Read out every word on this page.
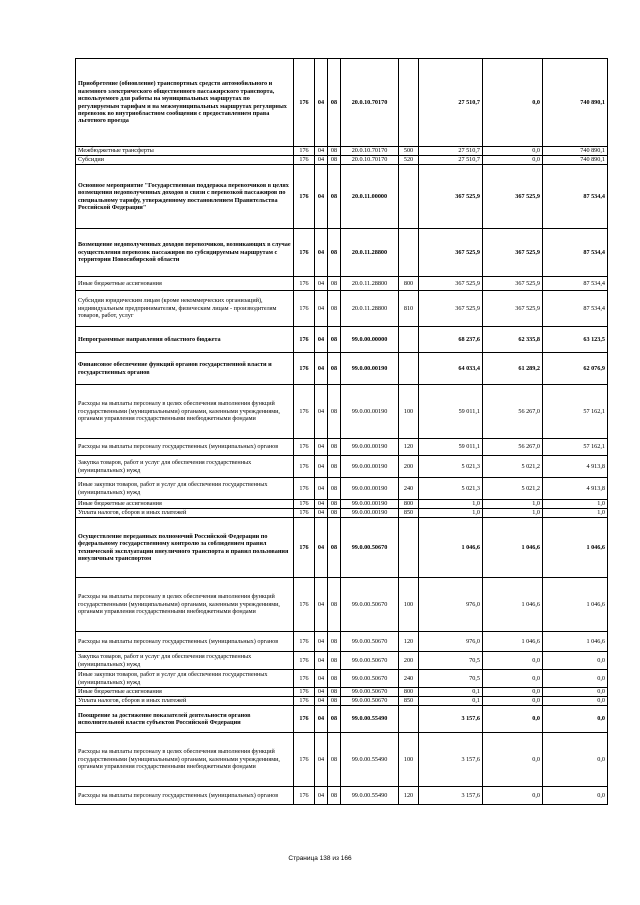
Приобретение (обновление) транспортных средств автомобильного и наземного электрического общественного пассажирского транспорта, используемого для работы на муниципальных маршрутах по регулируемым тарифам и на межмуниципальных маршрутах регулярных перевозок во внутриобластном сообщении с предоставлением права льготного проезда	176	04	08	20.0.10.70170		27 510,7	0,0	740 890,1
Межбюджетные трансферты	176	04	08	20.0.10.70170	500	27 510,7	0,0	740 890,1
Субсидии	176	04	08	20.0.10.70170	520	27 510,7	0,0	740 890,1
Основное мероприятие "Государственная поддержка перевозчиков в целях возмещения недополученных доходов в связи с перевозкой пассажиров по специальному тарифу, утвержденному постановлением Правительства Российской Федерации"	176	04	08	20.0.11.00000		367 525,9	367 525,9	87 534,4
Возмещение недополученных доходов перевозчиков, возникающих в случае осуществления перевозок пассажиров по субсидируемым маршрутам с территории Новосибирской области	176	04	08	20.0.11.28800		367 525,9	367 525,9	87 534,4
Иные бюджетные ассигнования	176	04	08	20.0.11.28800	800	367 525,9	367 525,9	87 534,4
Субсидии юридическим лицам (кроме некоммерческих организаций), индивидуальным предпринимателям, физическим лицам - производителям товаров, работ, услуг	176	04	08	20.0.11.28800	810	367 525,9	367 525,9	87 534,4
Непрограммные направления областного бюджета	176	04	08	99.0.00.00000		68 237,6	62 335,8	63 123,5
Финансовое обеспечение функций органов государственной власти и государственных органов	176	04	08	99.0.00.00190		64 033,4	61 289,2	62 076,9
Расходы на выплаты персоналу в целях обеспечения выполнения функций государственными (муниципальными) органами, казенными учреждениями, органами управления государственными внебюджетными фондами	176	04	08	99.0.00.00190	100	59 011,1	56 267,0	57 162,1
Расходы на выплаты персоналу государственных (муниципальных) органов	176	04	08	99.0.00.00190	120	59 011,1	56 267,0	57 162,1
Закупка товаров, работ и услуг для обеспечения государственных (муниципальных) нужд	176	04	08	99.0.00.00190	200	5 021,3	5 021,2	4 913,8
Иные закупки товаров, работ и услуг для обеспечения государственных (муниципальных) нужд	176	04	08	99.0.00.00190	240	5 021,3	5 021,2	4 913,8
Иные бюджетные ассигнования	176	04	08	99.0.00.00190	800	1,0	1,0	1,0
Уплата налогов, сборов и иных платежей	176	04	08	99.0.00.00190	850	1,0	1,0	1,0
Осуществление переданных полномочий Российской Федерации по федеральному государственному контролю за соблюдением правил технической эксплуатации внеуличного транспорта и правил пользования внеуличным транспортом	176	04	08	99.0.00.50670		1 046,6	1 046,6	1 046,6
Расходы на выплаты персоналу в целях обеспечения выполнения функций государственными (муниципальными) органами, казенными учреждениями, органами управления государственными внебюджетными фондами	176	04	08	99.0.00.50670	100	976,0	1 046,6	1 046,6
Расходы на выплаты персоналу государственных (муниципальных) органов	176	04	08	99.0.00.50670	120	976,0	1 046,6	1 046,6
Закупка товаров, работ и услуг для обеспечения государственных (муниципальных) нужд	176	04	08	99.0.00.50670	200	70,5	0,0	0,0
Иные закупки товаров, работ и услуг для обеспечения государственных (муниципальных) нужд	176	04	08	99.0.00.50670	240	70,5	0,0	0,0
Иные бюджетные ассигнования	176	04	08	99.0.00.50670	800	0,1	0,0	0,0
Уплата налогов, сборов и иных платежей	176	04	08	99.0.00.50670	850	0,1	0,0	0,0
Поощрение за достижение показателей деятельности органов исполнительной власти субъектов Российской Федерации	176	04	08	99.0.00.55490		3 157,6	0,0	0,0
Расходы на выплаты персоналу в целях обеспечения выполнения функций государственными (муниципальными) органами, казенными учреждениями, органами управления государственными внебюджетными фондами	176	04	08	99.0.00.55490	100	3 157,6	0,0	0,0
Расходы на выплаты персоналу государственных (муниципальных) органов	176	04	08	99.0.00.55490	120	3 157,6	0,0	0,0
Страница 138 из 166
